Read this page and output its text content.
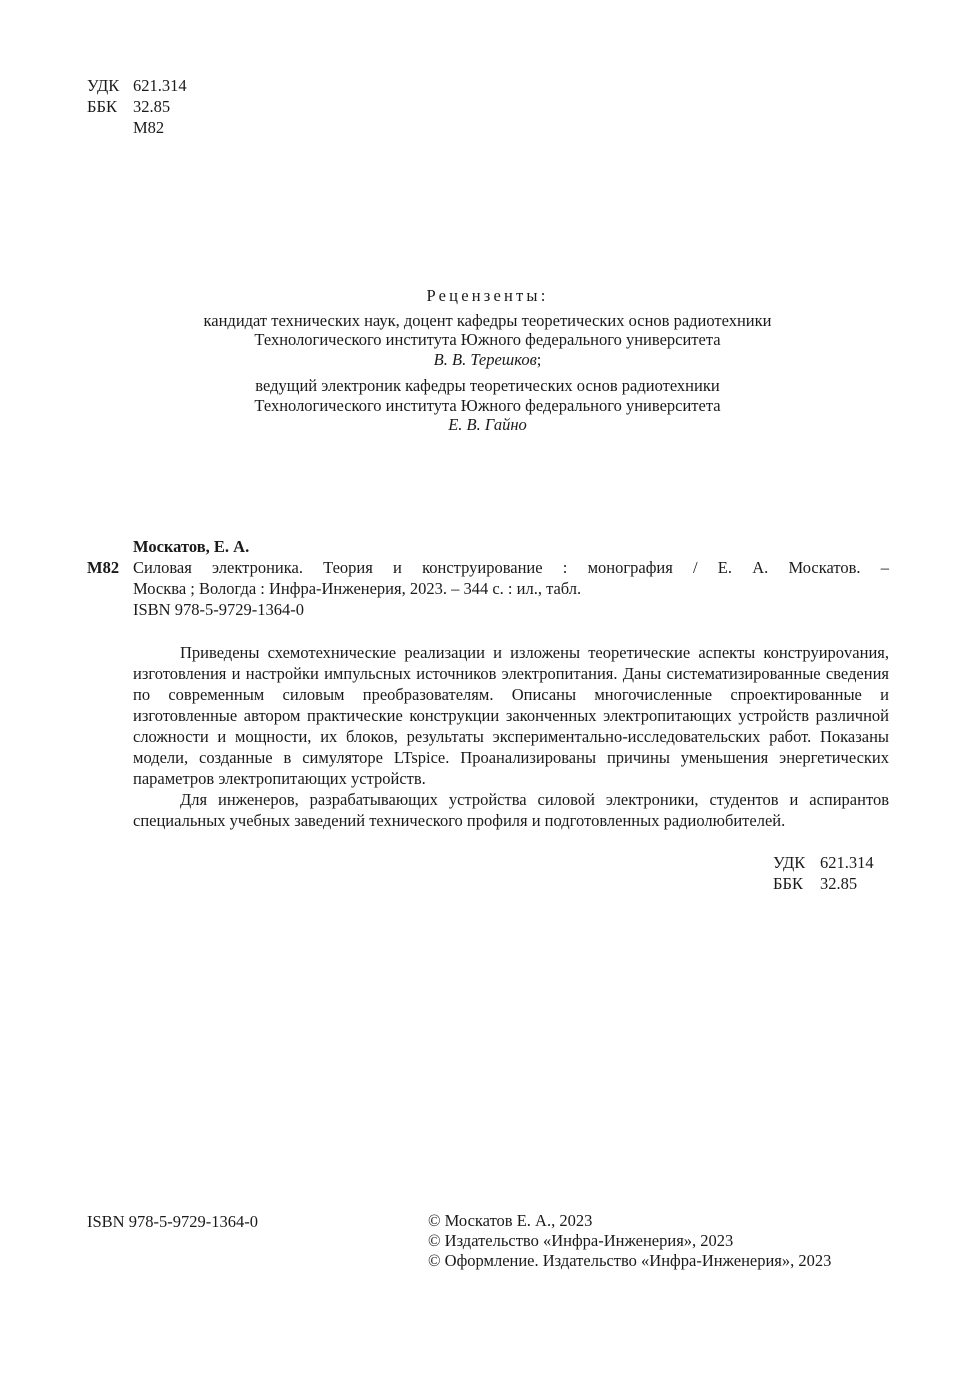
УДК 621.314
ББК 32.85
М82
Рецензенты:
кандидат технических наук, доцент кафедры теоретических основ радиотехники
Технологического института Южного федерального университета
В. В. Терешков;
ведущий электроник кафедры теоретических основ радиотехники
Технологического института Южного федерального университета
Е. В. Гайно
Москатов, Е. А.
М82 Силовая электроника. Теория и конструирование : монография / Е. А. Москатов. –
Москва ; Вологда : Инфра-Инженерия, 2023. – 344 с. : ил., табл.
ISBN 978-5-9729-1364-0

Приведены схемотехнические реализации и изложены теоретические аспекты конструироvания, изготовления и настройки импульсных источников электропитания. Даны систематизированные сведения по современным силовым преобразователям. Описаны многочисленные спроектированные и изготовленные автором практические конструкции законченных электропитающих устройств различной сложности и мощности, их блоков, результаты экспериментально-исследовательских работ. Показаны модели, созданные в симуляторе LTspice. Проанализированы причины уменьшения энергетических параметров электропитающих устройств.

Для инженеров, разрабатывающих устройства силовой электроники, студентов и аспирантов специальных учебных заведений технического профиля и подготовленных радиолюбителей.

УДК 621.314
ББК	32.85
ISBN 978-5-9729-1364-0	© Москатов Е. А., 2023
© Издательство «Инфра-Инженерия», 2023
© Оформление. Издательство «Инфра-Инженерия», 2023
